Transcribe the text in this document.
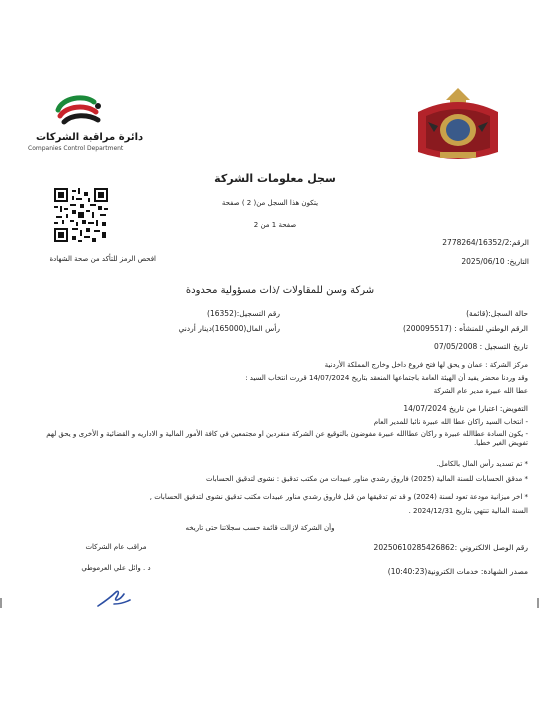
دائرة مراقبة الشركات
Companies Control Department
سجل معلومات الشركة
يتكون هذا السجل من( 2 ) صفحة
صفحة 1 من 2
الرقم:2778264/16352/2
التاريخ: 2025/06/10
افحص الرمز للتأكد من صحة الشهادة
شركة وسن للمقاولات /ذات مسؤولية محدودة
حالة السجل:(قائمة)
رقم التسجيل:(16352)
الرقم الوطني للمنشأه : (200095517)
رأس المال(165000)دينار أردني
تاريخ التسجيل : 07/05/2008
مركز الشركة : عمان و يحق لها فتح فروع داخل وخارج المملكة الأردنية
وقد وردنا محضر يفيد أن الهيئة العامة باجتماعها المنعقد بتاريخ 14/07/2024 قررت انتخاب السيد :
عطا الله عبيرة مدير عام الشركة
التفويض: اعتبارا من تاريخ 14/07/2024
- انتخاب السيد راكان عطا الله عبيرة نائبا للمدير العام
- يكون السادة عطاالله عبيرة و راكان عطاالله عبيرة مفوضون بالتوقيع عن الشركة منفردين او مجتمعين في كافة الأمور المالية و الاداريه و القضائية و الأخرى و يحق لهم تفويض الغير خطيا.
* تم تسديد رأس المال بالكامل.
* مدقق الحسابات للسنة المالية (2025) فاروق رشدي مناور عبيدات من مكتب تدقيق : نشوى لتدقيق الحسابات
* اخر ميزانية مودعة تعود لسنة (2024) و قد تم تدقيقها من قبل فاروق رشدي مناور عبيدات مكتب تدقيق نشوى لتدقيق الحسابات ,
السنة المالية تنتهي بتاريخ 2024/12/31 .
وأن الشركة لازالت قائمة حسب سجلاتنا حتى تاريخه
رقم الوصل الالكتروني :20250610285426862
مصدر الشهادة: خدمات الكترونية(10:40:23)
مراقب عام الشركات
د . وائل علي العرموطي
